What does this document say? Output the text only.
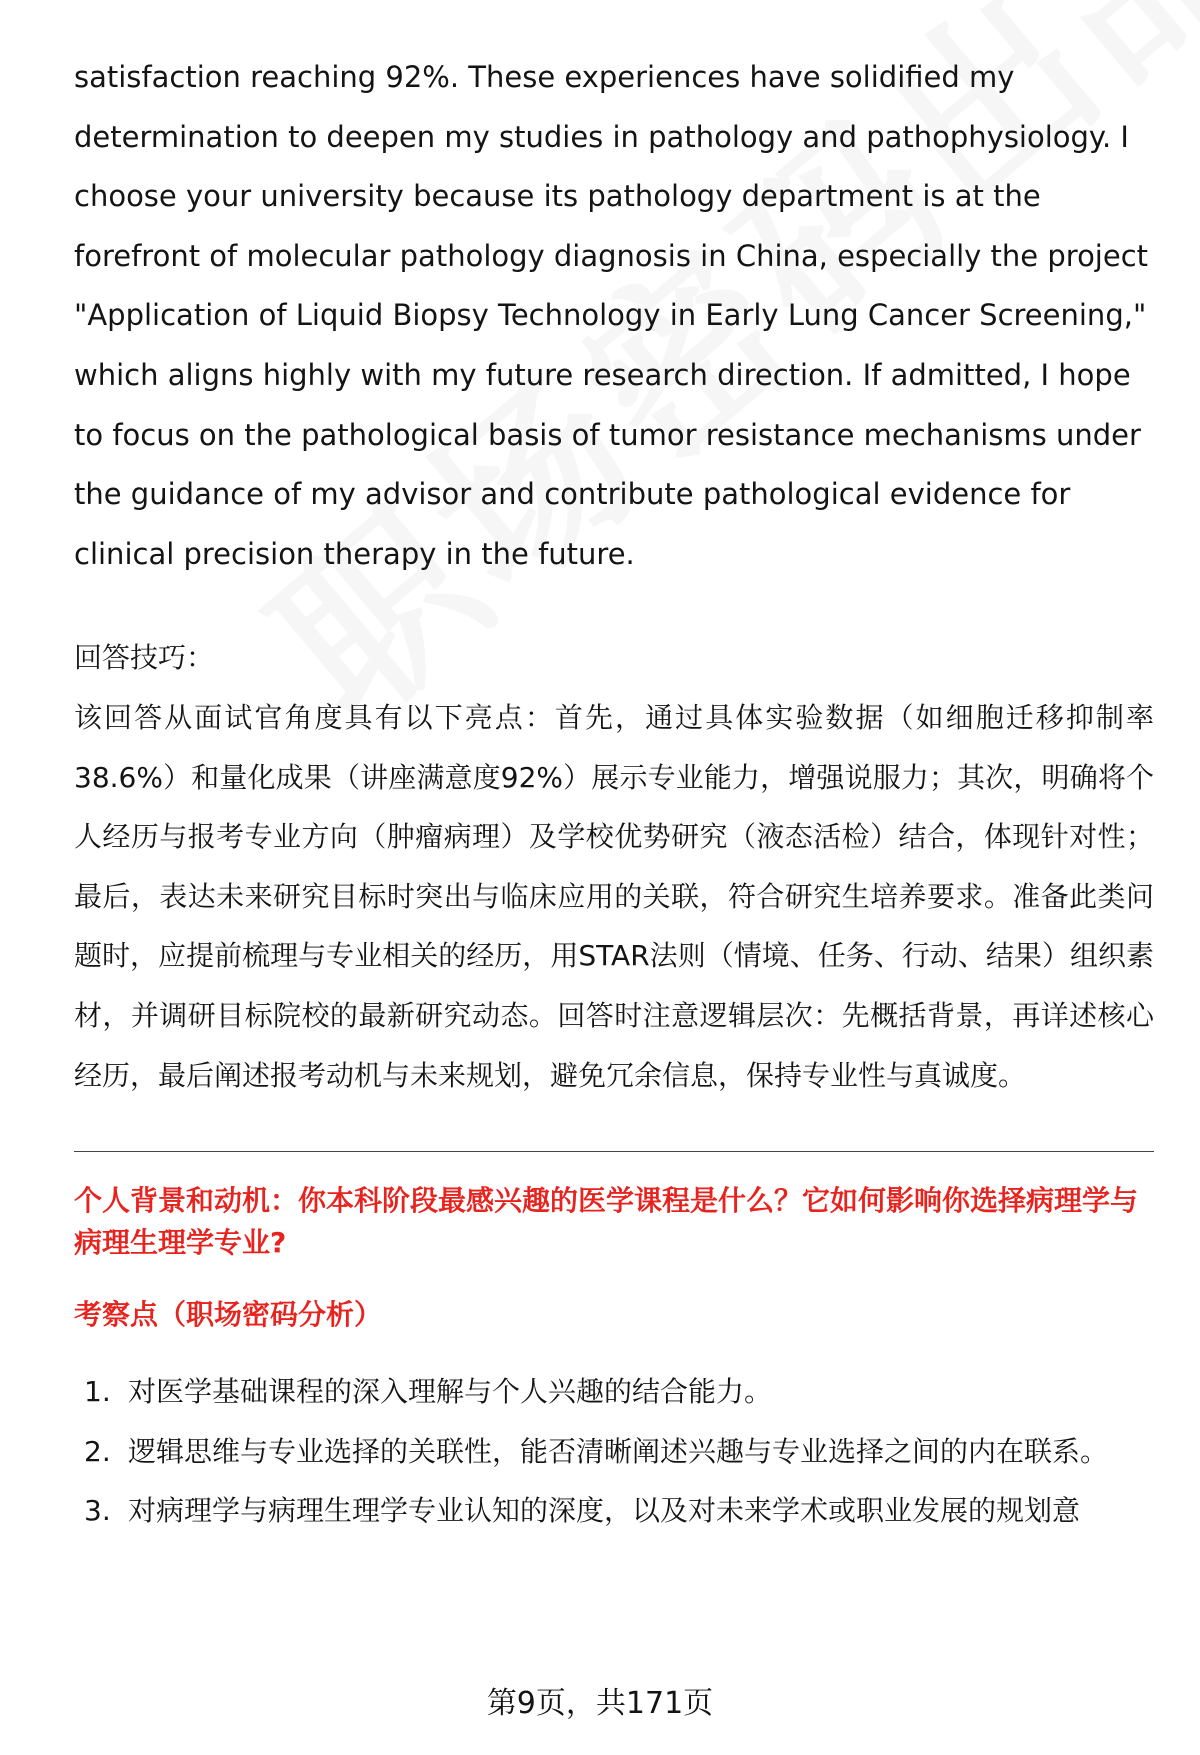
satisfaction reaching 92%. These experiences have solidified my determination to deepen my studies in pathology and pathophysiology. I choose your university because its pathology department is at the forefront of molecular pathology diagnosis in China, especially the project "Application of Liquid Biopsy Technology in Early Lung Cancer Screening," which aligns highly with my future research direction. If admitted, I hope to focus on the pathological basis of tumor resistance mechanisms under the guidance of my advisor and contribute pathological evidence for clinical precision therapy in the future.

回答技巧：

该回答从面试官角度具有以下亮点：首先，通过具体实验数据（如细胞迁移抑制率38.6%）和量化成果（讲座满意度92%）展示专业能力，增强说服力；其次，明确将个人经历与报考专业方向（肿瘤病理）及学校优势研究（液态活检）结合，体现针对性；最后，表达未来研究目标时突出与临床应用的关联，符合研究生培养要求。准备此类问题时，应提前梳理与专业相关的经历，用STAR法则（情境、任务、行动、结果）组织素材，并调研目标院校的最新研究动态。回答时注意逻辑层次：先概括背景，再详述核心经历，最后阐述报考动机与未来规划，避免冗余信息，保持专业性与真诚度。

个人背景和动机：你本科阶段最感兴趣的医学课程是什么？它如何影响你选择病理学与病理生理学专业?
考察点（职场密码分析）
1. 对医学基础课程的深入理解与个人兴趣的结合能力。
2. 逻辑思维与专业选择的关联性，能否清晰阐述兴趣与专业选择之间的内在联系。
3. 对病理学与病理生理学专业认知的深度，以及对未来学术或职业发展的规划意
第9页，共171页
